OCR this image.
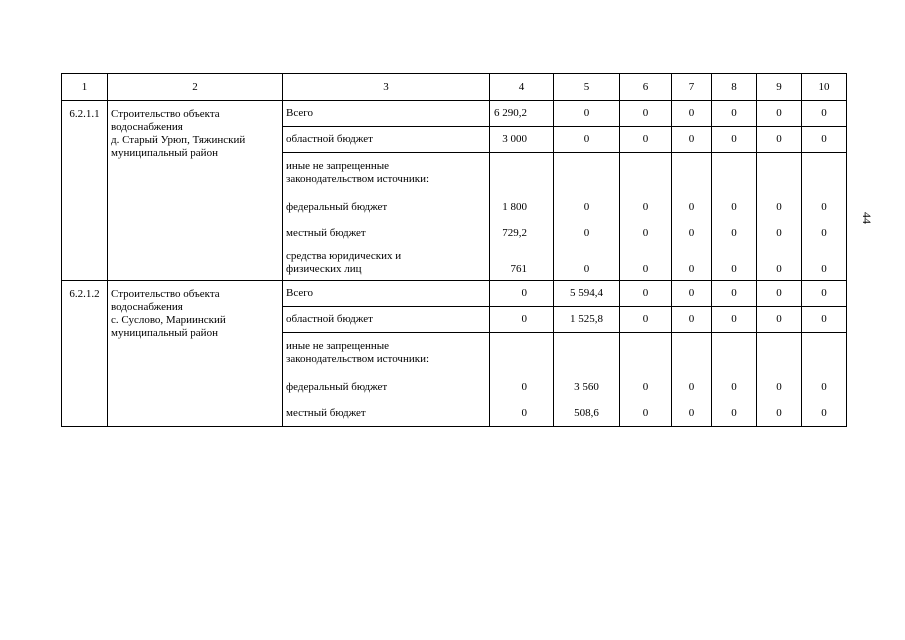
44
1	2	3	4	5	6	7	8	9	10
6.2.1.1	Строительство объекта
водоснабжения
д. Старый Урюп, Тяжинский
муниципальный район	Всего	6 290,2	0	0	0	0	0	0
		областной бюджет	3 000	0	0	0	0	0	0

		иные не запрещенные
законодательством источники:							

		федеральный бюджет	1 800	0	0	0	0	0	0
		местный бюджет	729,2	0	0	0	0	0	0

		средства юридических и
физических лиц	761	0	0	0	0	0	0
6.2.1.2	Строительство объекта
водоснабжения
с. Суслово, Мариинский
муниципальный район	Всего	0	5 594,4	0	0	0	0	0
		областной бюджет	0	1 525,8	0	0	0	0	0

		иные не запрещенные
законодательством источники:							

		федеральный бюджет	0	3 560	0	0	0	0	0
		местный бюджет	0	508,6	0	0	0	0	0
